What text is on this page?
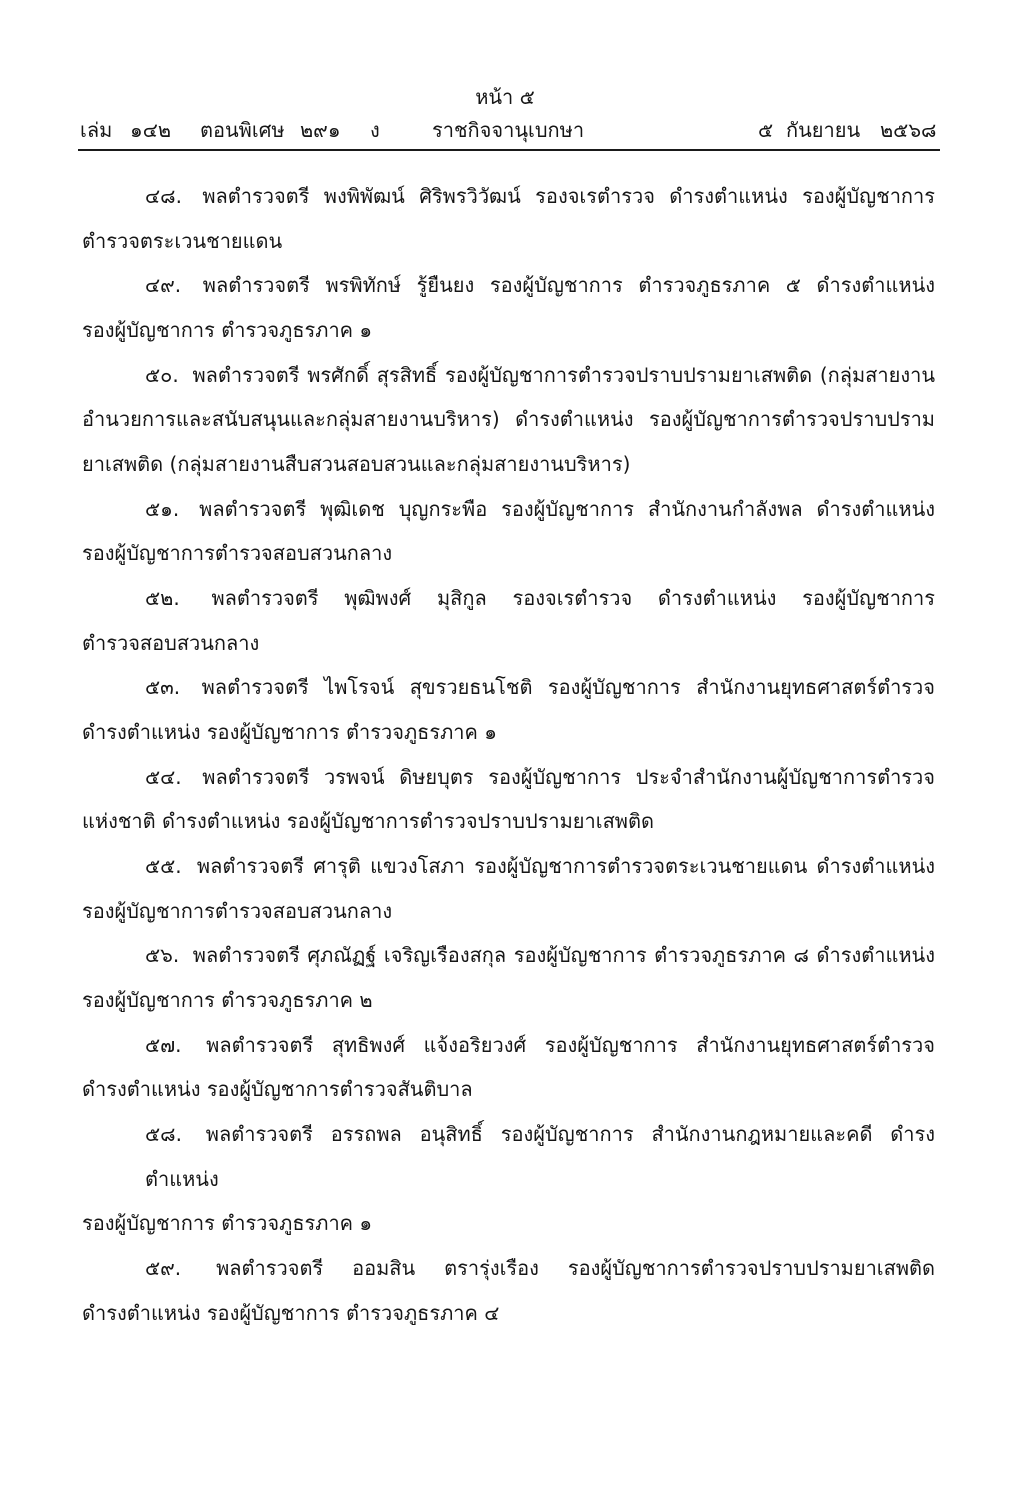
หน้า ๕
เล่ม ๑๔๒ ตอนพิเศษ ๒๙๑ ง	ราชกิจจานุเบกษา	๕ กันยายน ๒๕๖๘
๔๘. พลตำรวจตรี พงพิพัฒน์ ศิริพรวิวัฒน์ รองจเรตำรวจ ดำรงตำแหน่ง รองผู้บัญชาการ
ตำรวจตระเวนชายแดน
๔๙. พลตำรวจตรี พรพิทักษ์ รู้ยืนยง รองผู้บัญชาการ ตำรวจภูธรภาค ๕ ดำรงตำแหน่ง
รองผู้บัญชาการ ตำรวจภูธรภาค ๑
๕๐. พลตำรวจตรี พรศักดิ์ สุรสิทธิ์ รองผู้บัญชาการตำรวจปราบปรามยาเสพติด (กลุ่มสายงาน
อำนวยการและสนับสนุนและกลุ่มสายงานบริหาร) ดำรงตำแหน่ง รองผู้บัญชาการตำรวจปราบปราม
ยาเสพติด (กลุ่มสายงานสืบสวนสอบสวนและกลุ่มสายงานบริหาร)
๕๑. พลตำรวจตรี พุฒิเดช บุญกระพือ รองผู้บัญชาการ สำนักงานกำลังพล ดำรงตำแหน่ง
รองผู้บัญชาการตำรวจสอบสวนกลาง
๕๒. พลตำรวจตรี พุฒิพงศ์ มุสิกูล รองจเรตำรวจ ดำรงตำแหน่ง รองผู้บัญชาการ
ตำรวจสอบสวนกลาง
๕๓. พลตำรวจตรี ไพโรจน์ สุขรวยธนโชติ รองผู้บัญชาการ สำนักงานยุทธศาสตร์ตำรวจ
ดำรงตำแหน่ง รองผู้บัญชาการ ตำรวจภูธรภาค ๑
๕๔. พลตำรวจตรี วรพจน์ ดิษยบุตร รองผู้บัญชาการ ประจำสำนักงานผู้บัญชาการตำรวจ
แห่งชาติ ดำรงตำแหน่ง รองผู้บัญชาการตำรวจปราบปรามยาเสพติด
๕๕. พลตำรวจตรี ศารุติ แขวงโสภา รองผู้บัญชาการตำรวจตระเวนชายแดน ดำรงตำแหน่ง
รองผู้บัญชาการตำรวจสอบสวนกลาง
๕๖. พลตำรวจตรี ศุภณัฏฐ์ เจริญเรืองสกุล รองผู้บัญชาการ ตำรวจภูธรภาค ๘ ดำรงตำแหน่ง
รองผู้บัญชาการ ตำรวจภูธรภาค ๒
๕๗. พลตำรวจตรี สุทธิพงศ์ แจ้งอริยวงศ์ รองผู้บัญชาการ สำนักงานยุทธศาสตร์ตำรวจ
ดำรงตำแหน่ง รองผู้บัญชาการตำรวจสันติบาล
๕๘. พลตำรวจตรี อรรถพล อนุสิทธิ์ รองผู้บัญชาการ สำนักงานกฎหมายและคดี ดำรงตำแหน่ง
รองผู้บัญชาการ ตำรวจภูธรภาค ๑
๕๙. พลตำรวจตรี ออมสิน ตรารุ่งเรือง รองผู้บัญชาการตำรวจปราบปรามยาเสพติด
ดำรงตำแหน่ง รองผู้บัญชาการ ตำรวจภูธรภาค ๔
